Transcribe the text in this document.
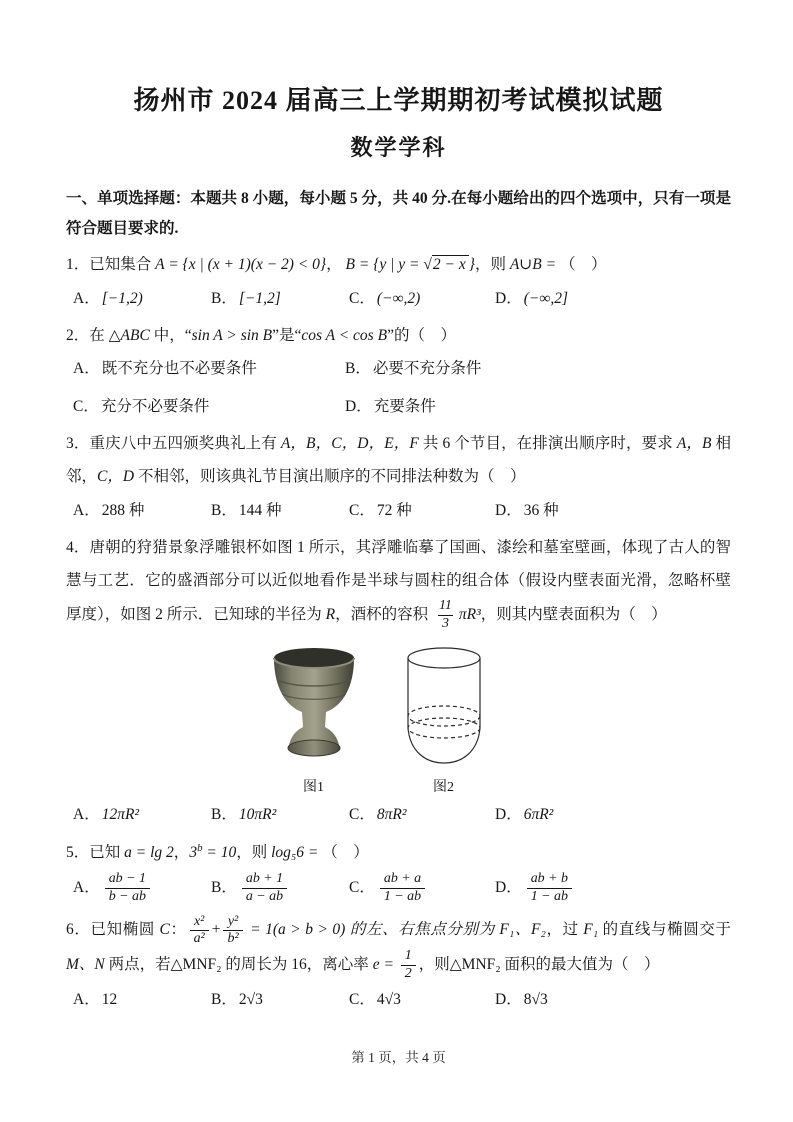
扬州市 2024 届高三上学期期初考试模拟试题
数学学科

一、单项选择题：本题共 8 小题，每小题 5 分，共 40 分.在每小题给出的四个选项中，只有一项是符合题目要求的.

1．已知集合 A = {x | (x + 1)(x − 2) < 0}， B = {y | y = √2 − x }，则 A∪B = （　）
A． [−1,2)	B． [−1,2]	C． (−∞,2)	D． (−∞,2]
2．在 △ABC 中，“sin A > sin B”是“cos A < cos B”的（　）
A． 既不充分也不必要条件	B． 必要不充分条件
C． 充分不必要条件	D． 充要条件
3．重庆八中五四颁奖典礼上有 A，B，C，D，E，F 共 6 个节目，在排演出顺序时，要求 A，B 相邻，C，D 不相邻，则该典礼节目演出顺序的不同排法种数为（　）
A． 288 种	B． 144 种	C． 72 种	D． 36 种
4．唐朝的狩猎景象浮雕银杯如图 1 所示，其浮雕临摹了国画、漆绘和墓室壁画，体现了古人的智慧与工艺．它的盛酒部分可以近似地看作是半球与圆柱的组合体（假设内壁表面光滑，忽略杯壁厚度），如图 2 所示．已知球的半径为 R，酒杯的容积 $\frac{11}{3} \pi R^3$，则其内壁表面积为（　）
图1	图2
A． 12πR²	B． 10πR²	C． 8πR²	D． 6πR²
5．已知 a = lg 2，$3^b = 10$，则 log₅6 = （　）
A． $\frac{ab - 1}{b - ab}$	B． $\frac{ab + 1}{a - ab}$	C． $\frac{ab + a}{1 - ab}$	D． $\frac{ab + b}{1 - ab}$
6．已知椭圆 C： $\frac{\text{x²}}{\text{a²}} + \frac{\text{y²}}{\text{b²}} = 1(a > b > 0)$ 的左、右焦点分别为 F₁、F₂，过 F₁ 的直线与椭圆交于 M、N 两点，若△MNF₂ 的周长为 16，离心率 $e = \frac{1}{2}$ ，则△MNF₂ 面积的最大值为（　）
A． 12	B． 2√3	C． 4√3	D． 8√3
第 1 页，共 4 页
